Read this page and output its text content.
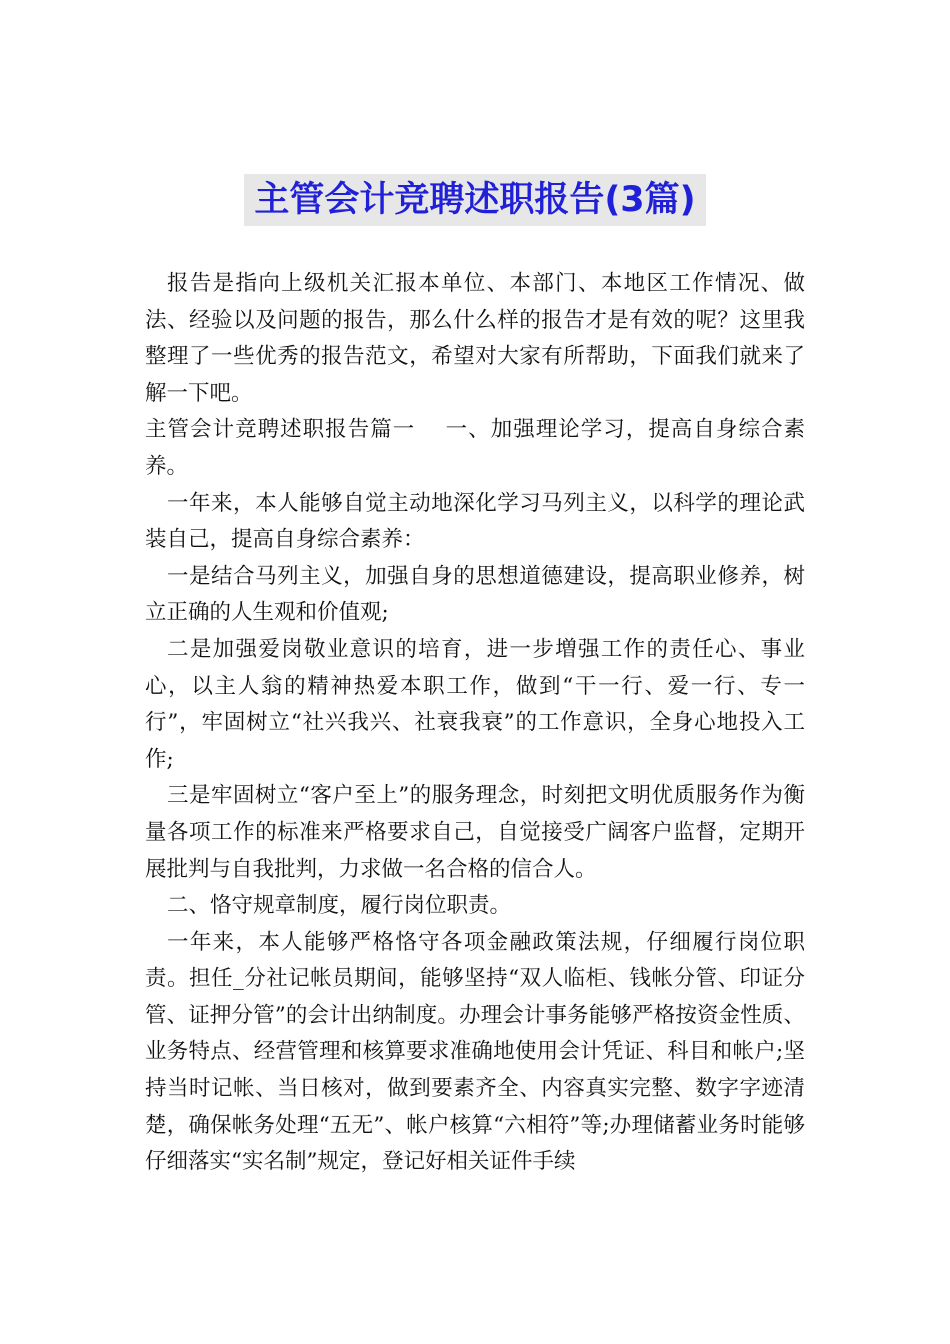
主管会计竞聘述职报告(3篇)

报告是指向上级机关汇报本单位、本部门、本地区工作情况、做法、经验以及问题的报告，那么什么样的报告才是有效的呢？这里我整理了一些优秀的报告范文，希望对大家有所帮助，下面我们就来了解一下吧。

主管会计竞聘述职报告篇一　 一、加强理论学习，提高自身综合素养。

一年来，本人能够自觉主动地深化学习马列主义，以科学的理论武装自己，提高自身综合素养：

一是结合马列主义，加强自身的思想道德建设，提高职业修养，树立正确的人生观和价值观;

二是加强爱岗敬业意识的培育，进一步増强工作的责任心、事业心，以主人翁的精神热爱本职工作，做到“干一行、爱一行、专一行”，牢固树立“社兴我兴、社衰我衰”的工作意识，全身心地投入工作;

三是牢固树立“客户至上”的服务理念，时刻把文明优质服务作为衡量各项工作的标准来严格要求自己，自觉接受广阔客户监督，定期开展批判与自我批判，力求做一名合格的信合人。

二、恪守规章制度，履行岗位职责。

一年来，本人能够严格恪守各项金融政策法规，仔细履行岗位职责。担任_分社记帐员期间，能够坚持“双人临柜、钱帐分管、印证分管、证押分管”的会计出纳制度。办理会计事务能够严格按资金性质、业务特点、经营管理和核算要求准确地使用会计凭证、科目和帐户;坚持当时记帐、当日核对，做到要素齐全、内容真实完整、数字字迹清楚，确保帐务处理“五无”、帐户核算“六相符”等;办理储蓄业务时能够仔细落实“实名制”规定，登记好相关证件手续
